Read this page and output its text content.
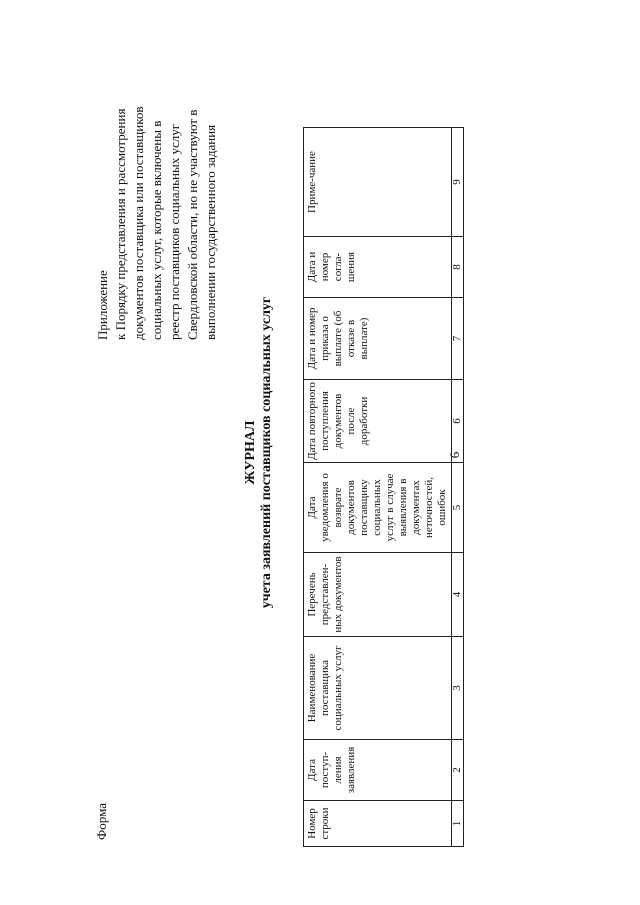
6
Форма
Приложение к Порядку представления и рассмотрения документов поставщика или поставщиков социальных услуг, которые включены в реестр поставщиков социальных услуг Свердловской области, но не участвуют в выполнении государственного задания
ЖУРНАЛ учета заявлений поставщиков социальных услуг
Номер строки	Дата поступ-ления заявления	Наименование поставщика социальных услуг	Перечень представлен-ных документов	Дата уведомления о возврате документов поставщику социальных услуг в случае выявления в документах неточностей, ошибок	Дата повторного поступления документов после доработки	Дата и номер приказа о выплате (об отказе в выплате)	Дата и номер согла-шения	Приме-чание
1	2	3	4	5	6	7	8	9
